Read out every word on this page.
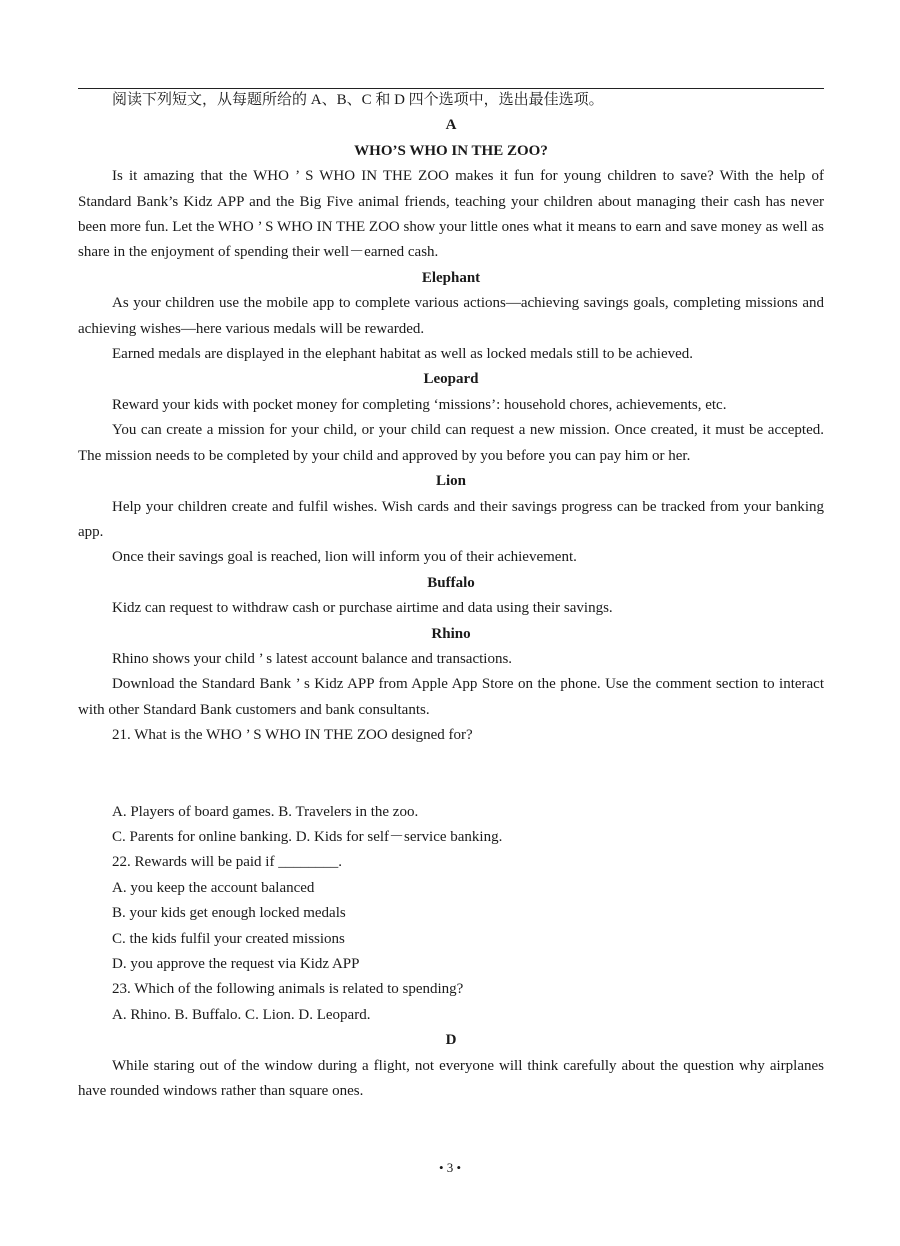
阅读下列短文，从每题所给的 A、B、C 和 D 四个选项中，选出最佳选项。

A

WHO’S WHO IN THE ZOO?

Is it amazing that the WHO ’ S WHO IN THE ZOO makes it fun for young children to save? With the help of Standard Bank’s Kidz APP and the Big Five animal friends, teaching your children about managing their cash has never been more fun. Let the WHO ’ S WHO IN THE ZOO show your little ones what it means to earn and save money as well as share in the enjoyment of spending their well－earned cash.

Elephant

As your children use the mobile app to complete various actions—achieving savings goals, completing missions and achieving wishes—here various medals will be rewarded.

Earned medals are displayed in the elephant habitat as well as locked medals still to be achieved.

Leopard

Reward your kids with pocket money for completing ‘missions’: household chores, achievements, etc.

You can create a mission for your child, or your child can request a new mission. Once created, it must be accepted. The mission needs to be completed by your child and approved by you before you can pay him or her.

Lion

Help your children create and fulfil wishes. Wish cards and their savings progress can be tracked from your banking app.

Once their savings goal is reached, lion will inform you of their achievement.

Buffalo

Kidz can request to withdraw cash or purchase airtime and data using their savings.

Rhino

Rhino shows your child ’ s latest account balance and transactions.

Download the Standard Bank ’ s Kidz APP from Apple App Store on the phone. Use the comment section to interact with other Standard Bank customers and bank consultants.

21. What is the WHO ’ S WHO IN THE ZOO designed for?

A. Players of board games. B. Travelers in the zoo.

C. Parents for online banking. D. Kids for self－service banking.

22. Rewards will be paid if ________.

A. you keep the account balanced

B. your kids get enough locked medals

C. the kids fulfil your created missions

D. you approve the request via Kidz APP

23. Which of the following animals is related to spending?

A. Rhino. B. Buffalo. C. Lion. D. Leopard.

D

While staring out of the window during a flight, not everyone will think carefully about the question why airplanes have rounded windows rather than square ones.

• 3 •
